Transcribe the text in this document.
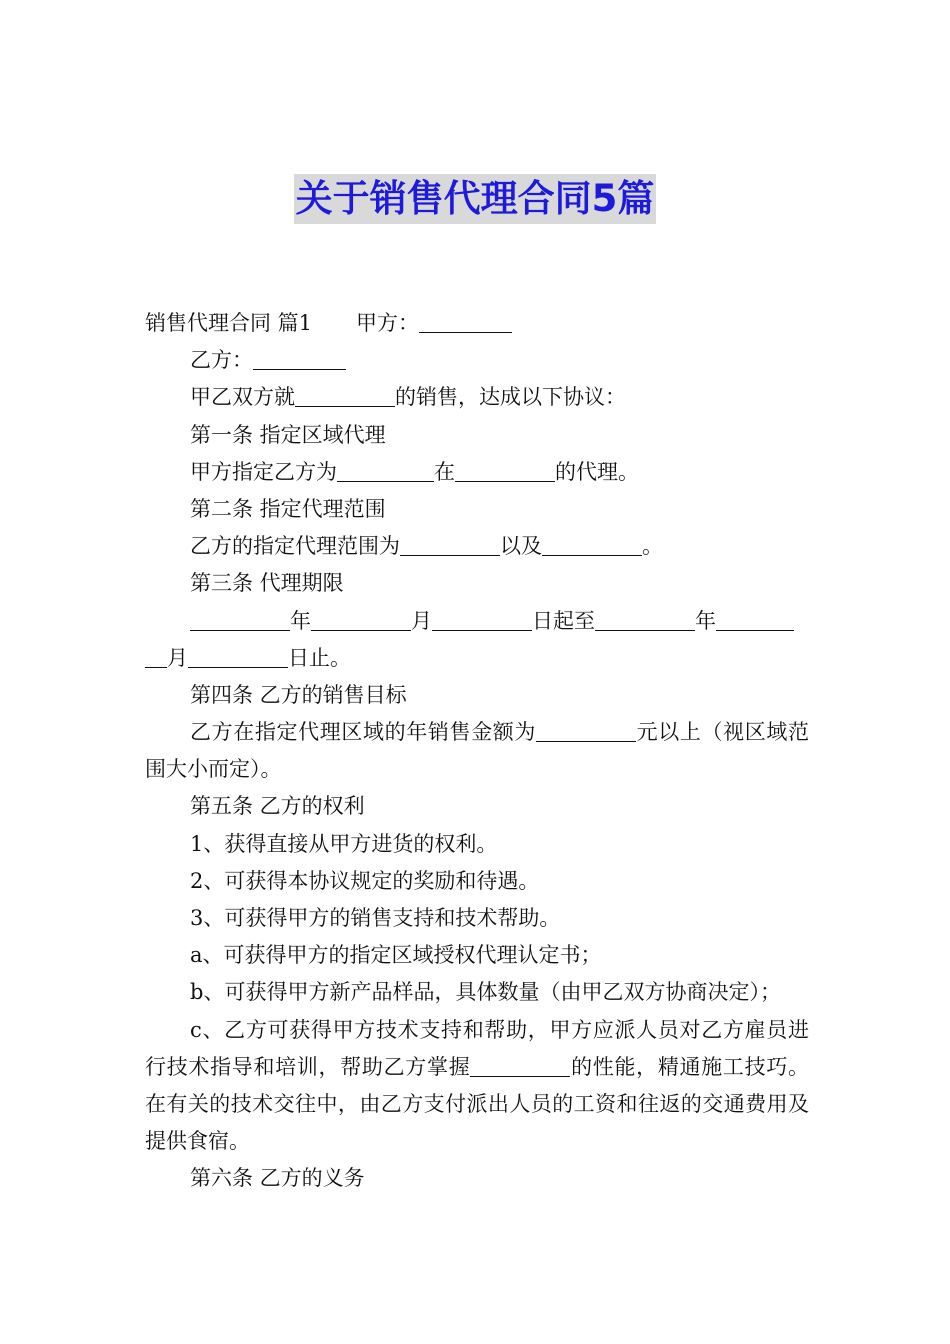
关于销售代理合同5篇
销售代理合同 篇1 甲方：
乙方：
甲乙双方就	的销售，达成以下协议：
第一条 指定区域代理
甲方指定乙方为	在	的代理。
第二条 指定代理范围
乙方的指定代理范围为	以及	。
第三条 代理期限
年	月	日起至	年
月	日止。
第四条 乙方的销售目标
乙方在指定代理区域的年销售金额为	元以上（视区域范围大小而定）。
第五条 乙方的权利
1、获得直接从甲方进货的权利。
2、可获得本协议规定的奖励和待遇。
3、可获得甲方的销售支持和技术帮助。
a、可获得甲方的指定区域授权代理认定书；
b、可获得甲方新产品样品，具体数量（由甲乙双方协商决定）；
c、乙方可获得甲方技术支持和帮助，甲方应派人员对乙方雇员进行技术指导和培训，帮助乙方掌握	的性能，精通施工技巧。在有关的技术交往中，由乙方支付派出人员的工资和往返的交通费用及提供食宿。
第六条 乙方的义务
